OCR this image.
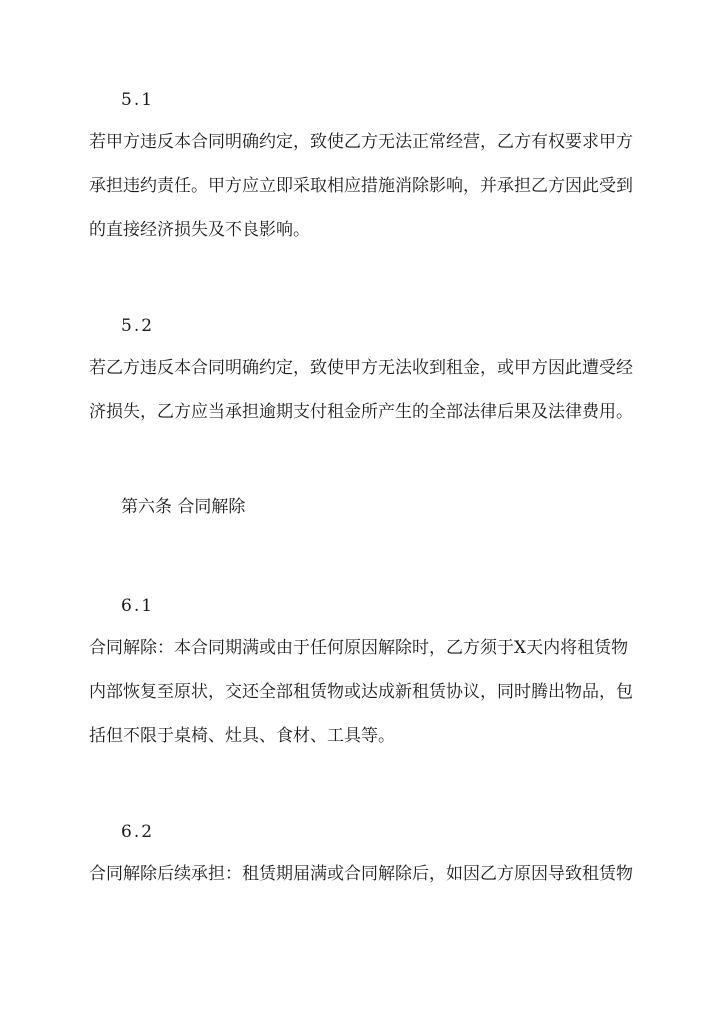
5.1
若甲方违反本合同明确约定，致使乙方无法正常经营，乙方有权要求甲方
承担违约责任。甲方应立即采取相应措施消除影响，并承担乙方因此受到
的直接经济损失及不良影响。
5.2
若乙方违反本合同明确约定，致使甲方无法收到租金，或甲方因此遭受经
济损失，乙方应当承担逾期支付租金所产生的全部法律后果及法律费用。
第六条 合同解除
6.1
合同解除：本合同期满或由于任何原因解除时，乙方须于X天内将租赁物
内部恢复至原状，交还全部租赁物或达成新租赁协议，同时腾出物品，包
括但不限于桌椅、灶具、食材、工具等。
6.2
合同解除后续承担：租赁期届满或合同解除后，如因乙方原因导致租赁物
